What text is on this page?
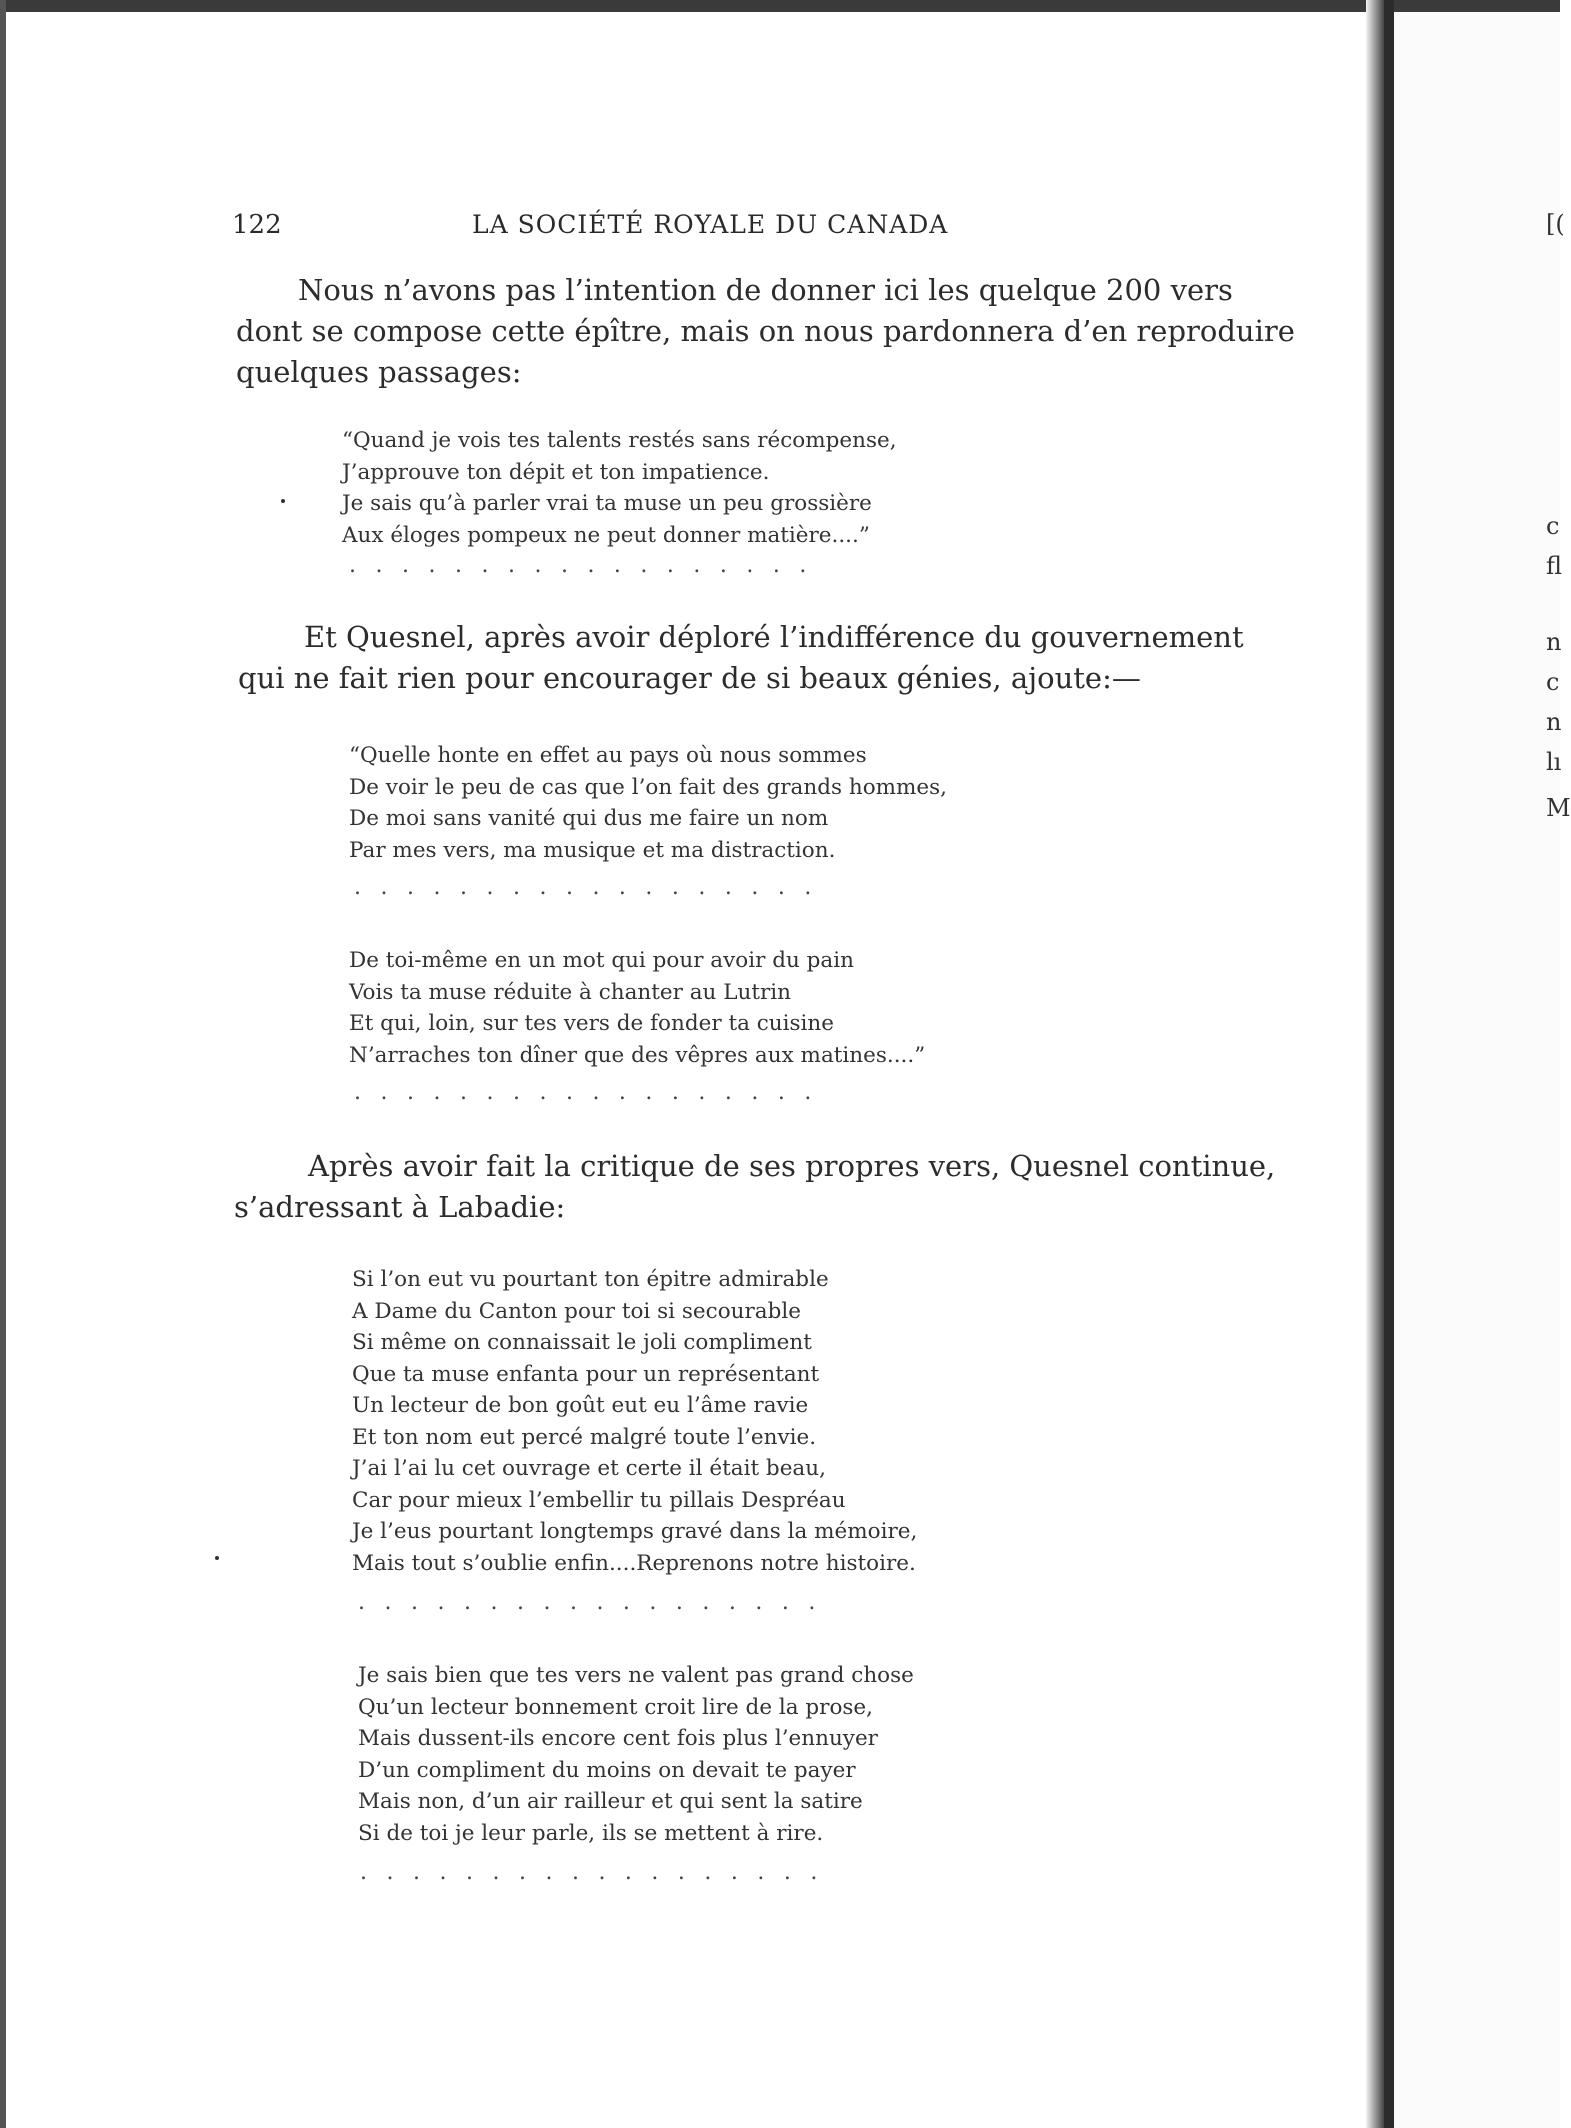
[(
c
fl
n
c
n
lı
M
122	LA SOCIÉTÉ ROYALE DU CANADA
Nous n’avons pas l’intention de donner ici les quelque 200 vers
dont se compose cette épître, mais on nous pardonnera d’en reproduire
quelques passages:
“Quand je vois tes talents restés sans récompense,
J’approuve ton dépit et ton impatience.
Je sais qu’à parler vrai ta muse un peu grossière
Aux éloges pompeux ne peut donner matière....”
..................
Et Quesnel, après avoir déploré l’indifférence du gouvernement
qui ne fait rien pour encourager de si beaux génies, ajoute:—
“Quelle honte en effet au pays où nous sommes
De voir le peu de cas que l’on fait des grands hommes,
De moi sans vanité qui dus me faire un nom
Par mes vers, ma musique et ma distraction.
..................
De toi-même en un mot qui pour avoir du pain
Vois ta muse réduite à chanter au Lutrin
Et qui, loin, sur tes vers de fonder ta cuisine
N’arraches ton dîner que des vêpres aux matines....”
..................
Après avoir fait la critique de ses propres vers, Quesnel continue,
s’adressant à Labadie:
Si l’on eut vu pourtant ton épitre admirable
A Dame du Canton pour toi si secourable
Si même on connaissait le joli compliment
Que ta muse enfanta pour un représentant
Un lecteur de bon goût eut eu l’âme ravie
Et ton nom eut percé malgré toute l’envie.
J’ai l’ai lu cet ouvrage et certe il était beau,
Car pour mieux l’embellir tu pillais Despréau
Je l’eus pourtant longtemps gravé dans la mémoire,
Mais tout s’oublie enfin....Reprenons notre histoire.
..................
Je sais bien que tes vers ne valent pas grand chose
Qu’un lecteur bonnement croit lire de la prose,
Mais dussent-ils encore cent fois plus l’ennuyer
D’un compliment du moins on devait te payer
Mais non, d’un air railleur et qui sent la satire
Si de toi je leur parle, ils se mettent à rire.
..................
